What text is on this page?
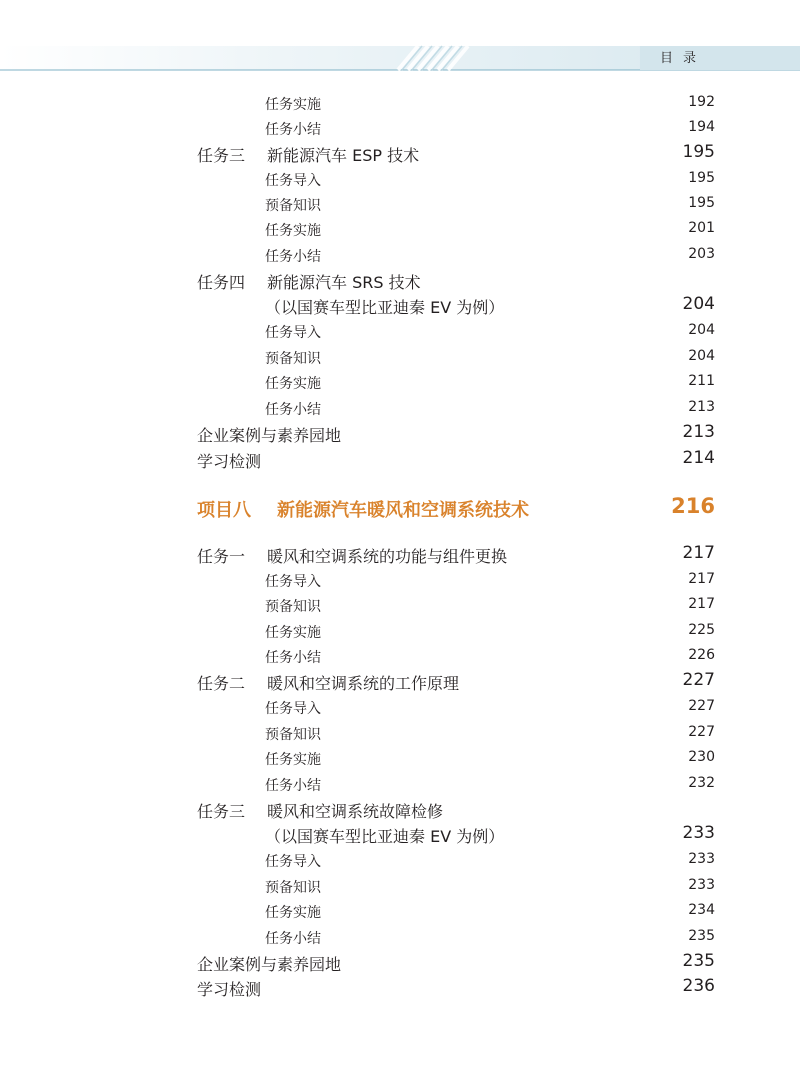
目录
任务实施	192
任务小结	194
任务三 新能源汽车 ESP 技术	195
任务导入	195
预备知识	195
任务实施	201
任务小结	203
任务四 新能源汽车 SRS 技术
（以国赛车型比亚迪秦 EV 为例）	204
任务导入	204
预备知识	204
任务实施	211
任务小结	213
企业案例与素养园地	213
学习检测	214
项目八 新能源汽车暖风和空调系统技术	216
任务一 暖风和空调系统的功能与组件更换	217
任务导入	217
预备知识	217
任务实施	225
任务小结	226
任务二 暖风和空调系统的工作原理	227
任务导入	227
预备知识	227
任务实施	230
任务小结	232
任务三 暖风和空调系统故障检修
（以国赛车型比亚迪秦 EV 为例）	233
任务导入	233
预备知识	233
任务实施	234
任务小结	235
企业案例与素养园地	235
学习检测	236
